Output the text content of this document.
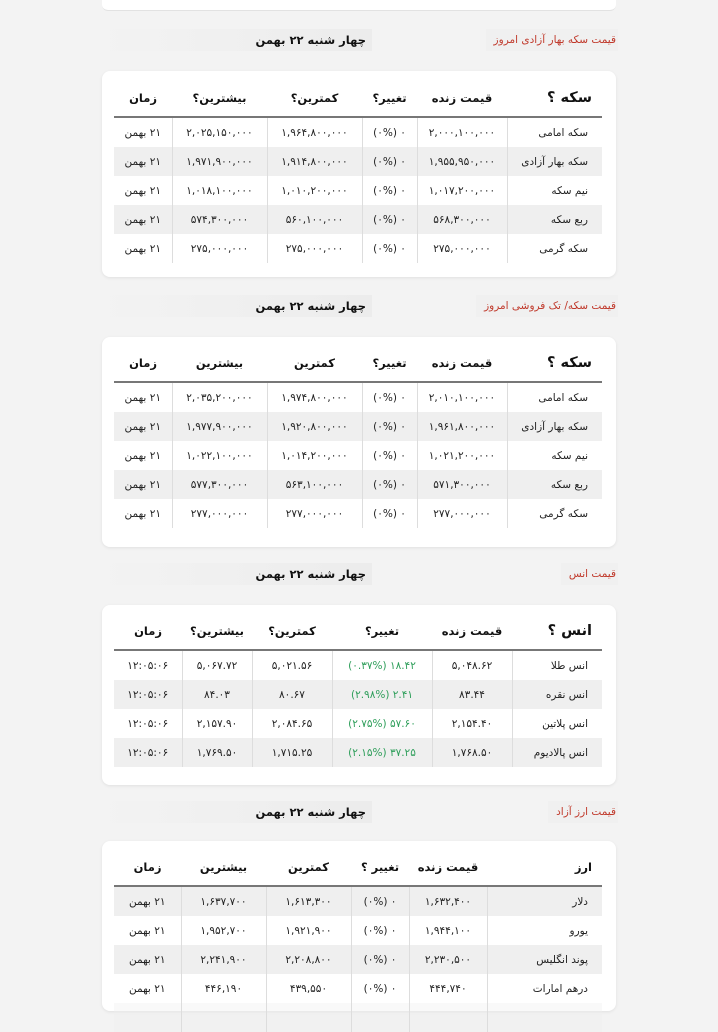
قیمت سکه بهار آزادی امروز
چهار شنبه ۲۲ بهمن
سکه ؟	قیمت زنده	تغییر؟	کمترین؟	بیشترین؟	زمان
سکه امامی	۲,۰۰۰,۱۰۰,۰۰۰	۰ (۰%)	۱,۹۶۴,۸۰۰,۰۰۰	۲,۰۲۵,۱۵۰,۰۰۰	۲۱ بهمن
سکه بهار آزادی	۱,۹۵۵,۹۵۰,۰۰۰	۰ (۰%)	۱,۹۱۴,۸۰۰,۰۰۰	۱,۹۷۱,۹۰۰,۰۰۰	۲۱ بهمن
نیم سکه	۱,۰۱۷,۲۰۰,۰۰۰	۰ (۰%)	۱,۰۱۰,۲۰۰,۰۰۰	۱,۰۱۸,۱۰۰,۰۰۰	۲۱ بهمن
ربع سکه	۵۶۸,۳۰۰,۰۰۰	۰ (۰%)	۵۶۰,۱۰۰,۰۰۰	۵۷۴,۳۰۰,۰۰۰	۲۱ بهمن
سکه گرمی	۲۷۵,۰۰۰,۰۰۰	۰ (۰%)	۲۷۵,۰۰۰,۰۰۰	۲۷۵,۰۰۰,۰۰۰	۲۱ بهمن
قیمت سکه/ تک فروشی امروز
چهار شنبه ۲۲ بهمن
سکه ؟	قیمت زنده	تغییر؟	کمترین	بیشترین	زمان
سکه امامی	۲,۰۱۰,۱۰۰,۰۰۰	۰ (۰%)	۱,۹۷۴,۸۰۰,۰۰۰	۲,۰۳۵,۲۰۰,۰۰۰	۲۱ بهمن
سکه بهار آزادی	۱,۹۶۱,۸۰۰,۰۰۰	۰ (۰%)	۱,۹۲۰,۸۰۰,۰۰۰	۱,۹۷۷,۹۰۰,۰۰۰	۲۱ بهمن
نیم سکه	۱,۰۲۱,۲۰۰,۰۰۰	۰ (۰%)	۱,۰۱۴,۲۰۰,۰۰۰	۱,۰۲۲,۱۰۰,۰۰۰	۲۱ بهمن
ربع سکه	۵۷۱,۳۰۰,۰۰۰	۰ (۰%)	۵۶۳,۱۰۰,۰۰۰	۵۷۷,۳۰۰,۰۰۰	۲۱ بهمن
سکه گرمی	۲۷۷,۰۰۰,۰۰۰	۰ (۰%)	۲۷۷,۰۰۰,۰۰۰	۲۷۷,۰۰۰,۰۰۰	۲۱ بهمن
قیمت انس
چهار شنبه ۲۲ بهمن
انس ؟	قیمت زنده	تغییر؟	کمترین؟	بیشترین؟	زمان
انس طلا	۵,۰۴۸.۶۲	۱۸.۴۲ (۰.۳۷%)	۵,۰۲۱.۵۶	۵,۰۶۷.۷۲	۱۲:۰۵:۰۶
انس نقره	۸۳.۴۴	۲.۴۱ (۲.۹۸%)	۸۰.۶۷	۸۴.۰۳	۱۲:۰۵:۰۶
انس پلاتین	۲,۱۵۴.۴۰	۵۷.۶۰ (۲.۷۵%)	۲,۰۸۴.۶۵	۲,۱۵۷.۹۰	۱۲:۰۵:۰۶
انس پالادیوم	۱,۷۶۸.۵۰	۳۷.۲۵ (۲.۱۵%)	۱,۷۱۵.۲۵	۱,۷۶۹.۵۰	۱۲:۰۵:۰۶
قیمت ارز آزاد
چهار شنبه ۲۲ بهمن
ارز	قیمت زنده	تغییر ؟	کمترین	بیشترین	زمان
دلار	۱,۶۳۲,۴۰۰	۰ (۰%)	۱,۶۱۳,۳۰۰	۱,۶۳۷,۷۰۰	۲۱ بهمن
یورو	۱,۹۴۴,۱۰۰	۰ (۰%)	۱,۹۲۱,۹۰۰	۱,۹۵۲,۷۰۰	۲۱ بهمن
پوند انگلیس	۲,۲۳۰,۵۰۰	۰ (۰%)	۲,۲۰۸,۸۰۰	۲,۲۴۱,۹۰۰	۲۱ بهمن
درهم امارات	۴۴۴,۷۴۰	۰ (۰%)	۴۳۹,۵۵۰	۴۴۶,۱۹۰	۲۱ بهمن
